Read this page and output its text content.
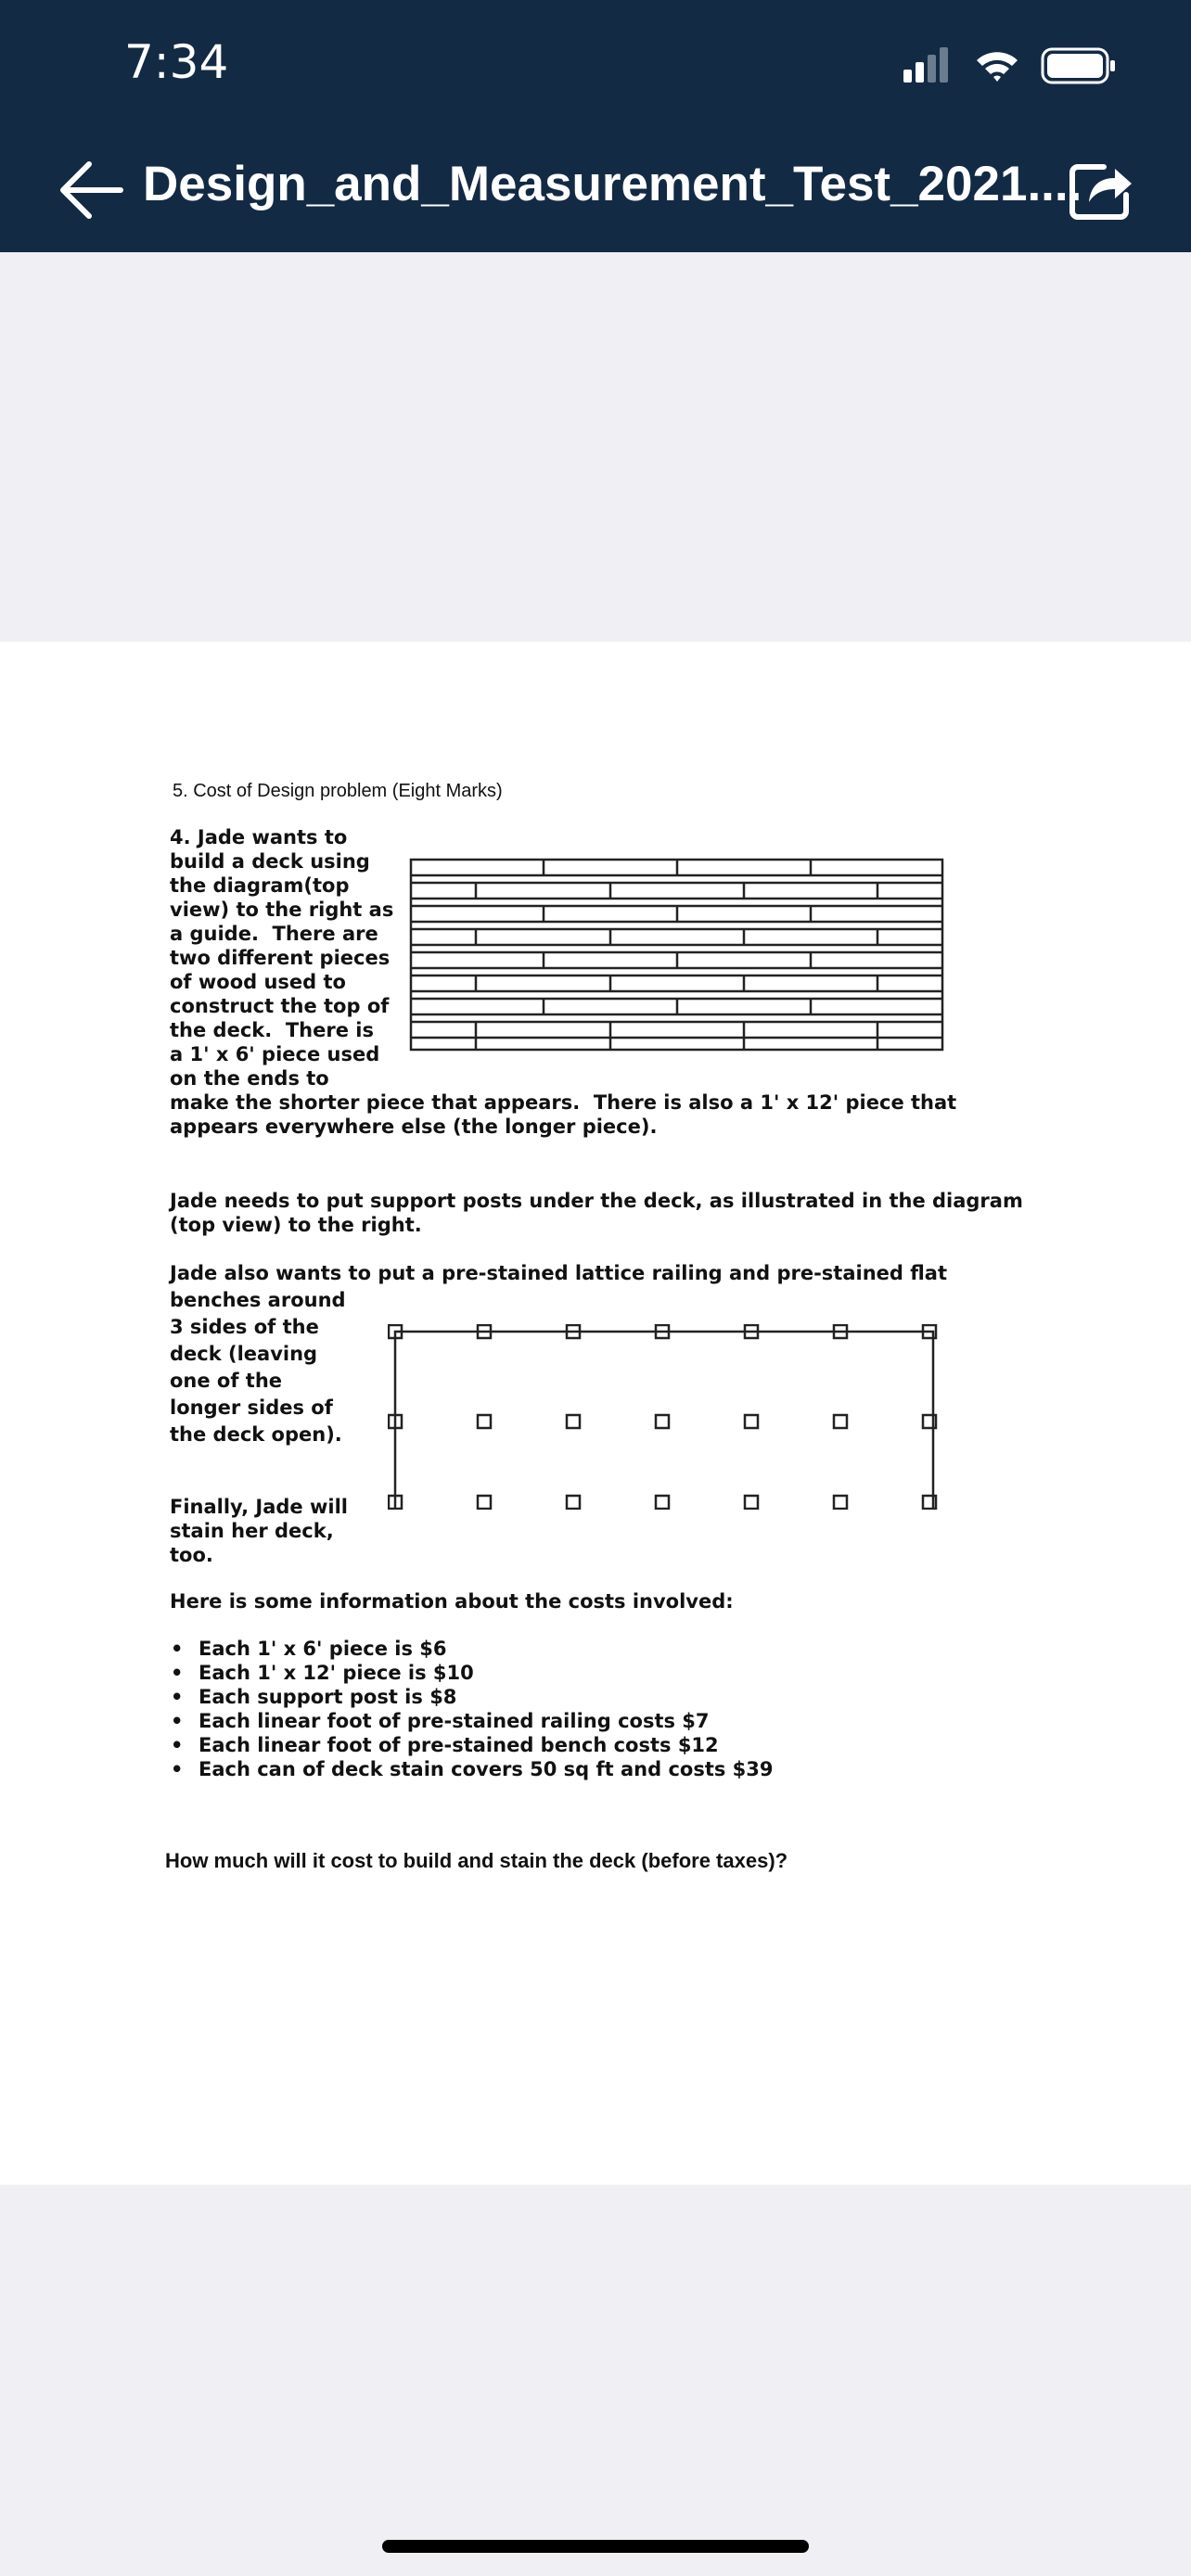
7:34
Design_and_Measurement_Test_2021....
5. Cost of Design problem (Eight Marks)
4. Jade wants to
build a deck using
the diagram(top
view) to the right as
a guide.  There are
two different pieces
of wood used to
construct the top of
the deck.  There is
a 1' x 6' piece used
on the ends to
make the shorter piece that appears.  There is also a 1' x 12' piece that
appears everywhere else (the longer piece).
Jade needs to put support posts under the deck, as illustrated in the diagram
(top view) to the right.
Jade also wants to put a pre-stained lattice railing and pre-stained flat
benches around
3 sides of the
deck (leaving
one of the
longer sides of
the deck open).
Finally, Jade will
stain her deck,
too.
Here is some information about the costs involved:
• Each 1' x 6' piece is $6
• Each 1' x 12' piece is $10
• Each support post is $8
• Each linear foot of pre-stained railing costs $7
• Each linear foot of pre-stained bench costs $12
• Each can of deck stain covers 50 sq ft and costs $39
How much will it cost to build and stain the deck (before taxes)?
